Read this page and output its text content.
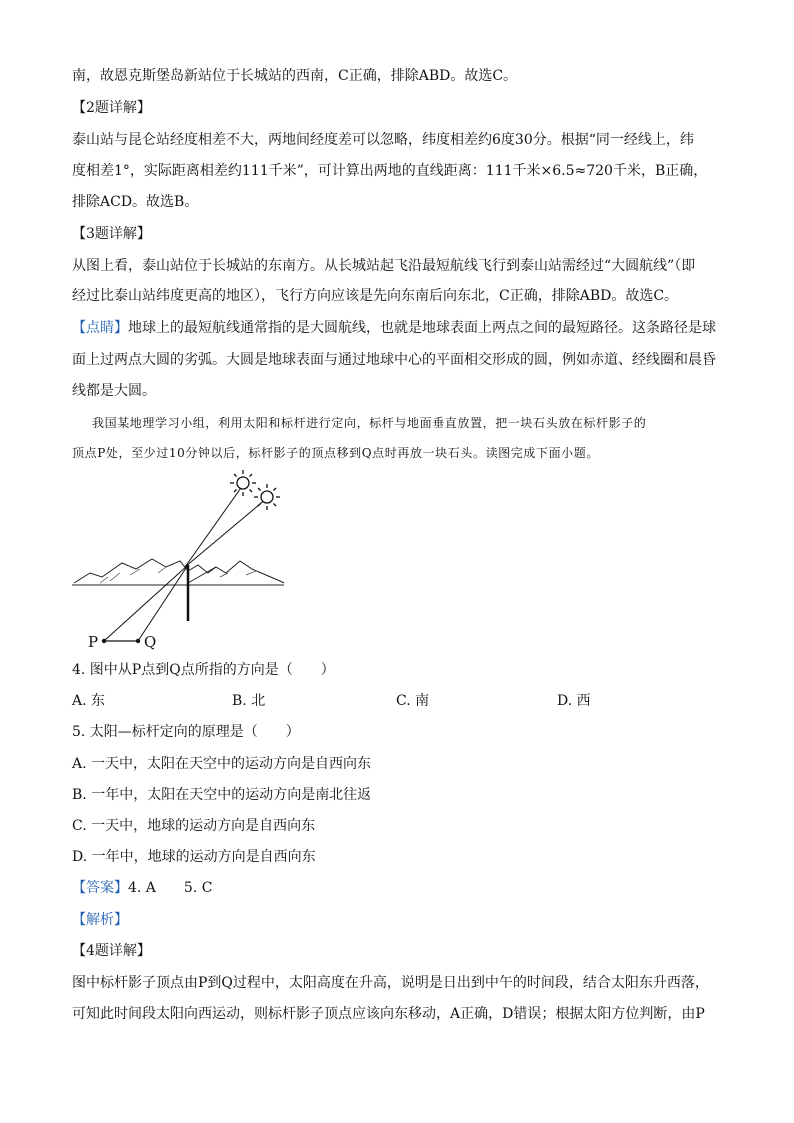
南，故恩克斯堡岛新站位于长城站的西南，C正确，排除ABD。故选C。
【2题详解】
泰山站与昆仑站经度相差不大，两地间经度差可以忽略，纬度相差约6度30分。根据“同一经线上，纬
度相差1°，实际距离相差约111千米”，可计算出两地的直线距离：111千米×6.5≈720千米，B正确，
排除ACD。故选B。
【3题详解】
从图上看，泰山站位于长城站的东南方。从长城站起飞沿最短航线飞行到泰山站需经过“大圆航线”（即
经过比泰山站纬度更高的地区），飞行方向应该是先向东南后向东北，C正确，排除ABD。故选C。
【点睛】地球上的最短航线通常指的是大圆航线，也就是地球表面上两点之间的最短路径。这条路径是球
面上过两点大圆的劣弧。大圆是地球表面与通过地球中心的平面相交形成的圆，例如赤道、经线圈和晨昏
线都是大圆。
我国某地理学习小组，利用太阳和标杆进行定向，标杆与地面垂直放置，把一块石头放在标杆影子的
顶点P处，至少过10分钟以后，标杆影子的顶点移到Q点时再放一块石头。读图完成下面小题。
P	Q
4. 图中从P点到Q点所指的方向是（　　）
A. 东	B. 北	C. 南	D. 西
5. 太阳—标杆定向的原理是（　　）
A. 一天中，太阳在天空中的运动方向是自西向东
B. 一年中，太阳在天空中的运动方向是南北往返
C. 一天中，地球的运动方向是自西向东
D. 一年中，地球的运动方向是自西向东
【答案】4. A　　5. C
【解析】
【4题详解】
图中标杆影子顶点由P到Q过程中，太阳高度在升高，说明是日出到中午的时间段，结合太阳东升西落，
可知此时间段太阳向西运动，则标杆影子顶点应该向东移动，A正确，D错误；根据太阳方位判断，由P
